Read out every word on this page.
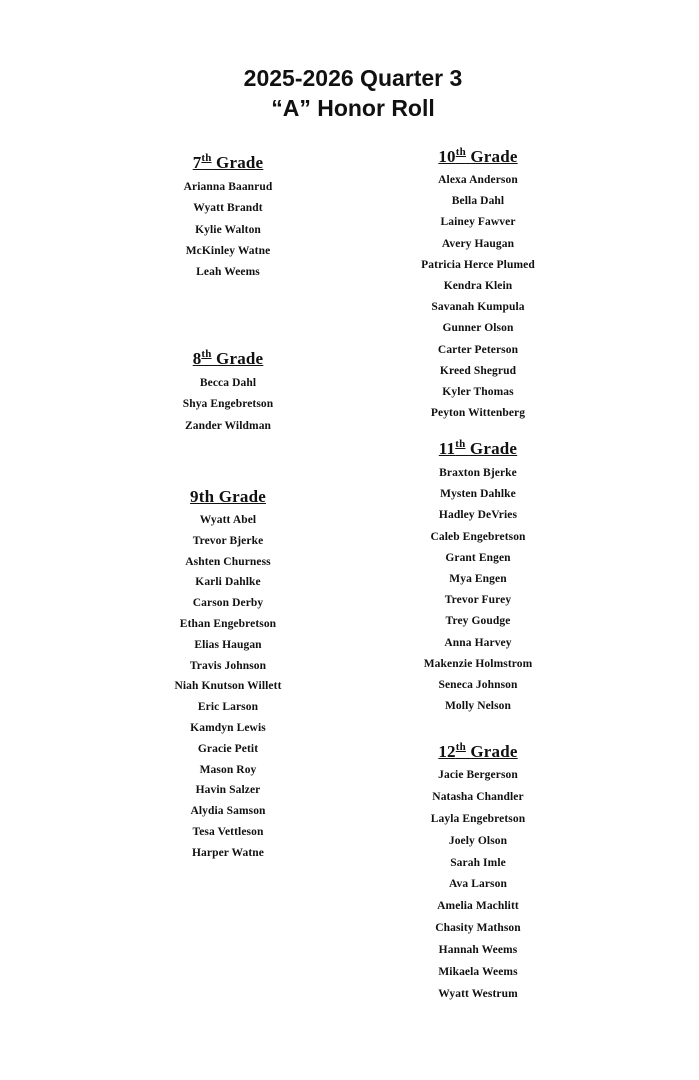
2025-2026 Quarter 3
“A” Honor Roll
7th Grade
Arianna Baanrud
Wyatt Brandt
Kylie Walton
McKinley Watne
Leah Weems
8th Grade
Becca Dahl
Shya Engebretson
Zander Wildman
9th Grade
Wyatt Abel
Trevor Bjerke
Ashten Churness
Karli Dahlke
Carson Derby
Ethan Engebretson
Elias Haugan
Travis Johnson
Niah Knutson Willett
Eric Larson
Kamdyn Lewis
Gracie Petit
Mason Roy
Havin Salzer
Alydia Samson
Tesa Vettleson
Harper Watne
10th Grade
Alexa Anderson
Bella Dahl
Lainey Fawver
Avery Haugan
Patricia Herce Plumed
Kendra Klein
Savanah Kumpula
Gunner Olson
Carter Peterson
Kreed Shegrud
Kyler Thomas
Peyton Wittenberg
11th Grade
Braxton Bjerke
Mysten Dahlke
Hadley DeVries
Caleb Engebretson
Grant Engen
Mya Engen
Trevor Furey
Trey Goudge
Anna Harvey
Makenzie Holmstrom
Seneca Johnson
Molly Nelson
12th Grade
Jacie Bergerson
Natasha Chandler
Layla Engebretson
Joely Olson
Sarah Imle
Ava Larson
Amelia Machlitt
Chasity Mathson
Hannah Weems
Mikaela Weems
Wyatt Westrum
